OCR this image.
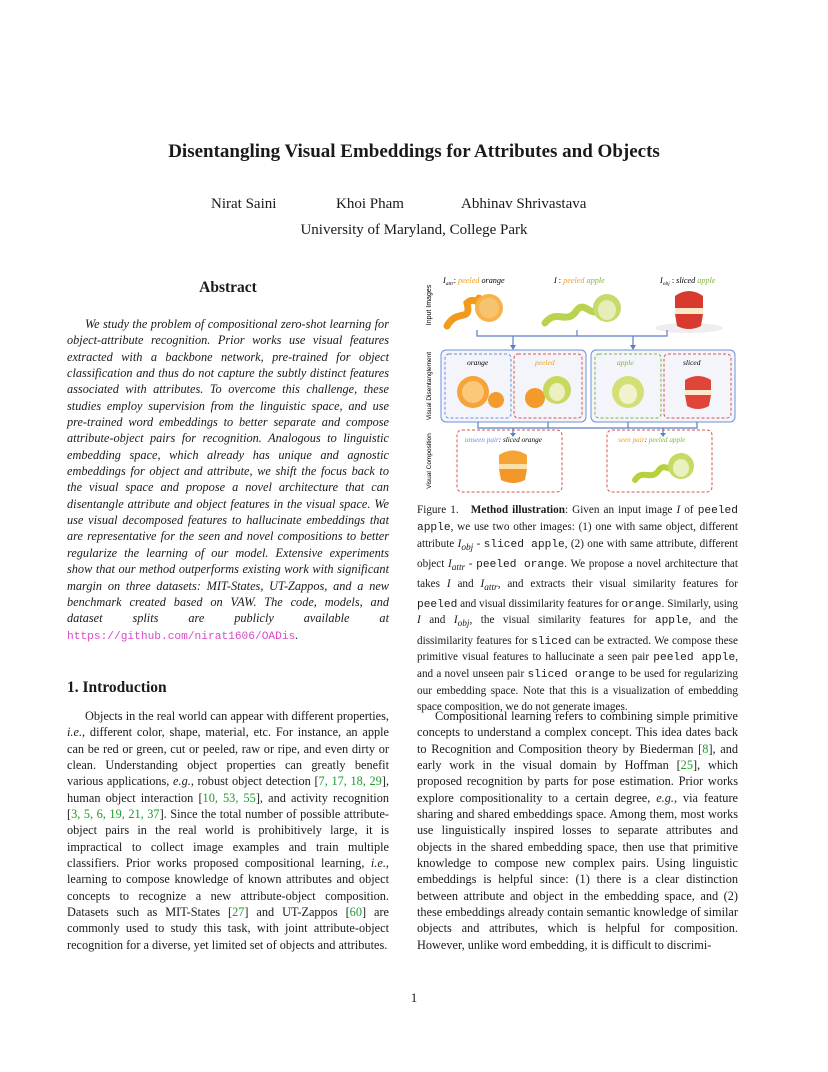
Disentangling Visual Embeddings for Attributes and Objects
Nirat Saini	Khoi Pham	Abhinav Shrivastava
University of Maryland, College Park
Abstract

We study the problem of compositional zero-shot learning for object-attribute recognition. Prior works use visual features extracted with a backbone network, pre-trained for object classification and thus do not capture the subtly distinct features associated with attributes. To overcome this challenge, these studies employ supervision from the linguistic space, and use pre-trained word embeddings to better separate and compose attribute-object pairs for recognition. Analogous to linguistic embedding space, which already has unique and agnostic embeddings for object and attribute, we shift the focus back to the visual space and propose a novel architecture that can disentangle attribute and object features in the visual space. We use visual decomposed features to hallucinate embeddings that are representative for the seen and novel compositions to better regularize the learning of our model. Extensive experiments show that our method outperforms existing work with significant margin on three datasets: MIT-States, UT-Zappos, and a new benchmark created based on VAW. The code, models, and dataset splits are publicly available at https://github.com/nirat1606/OADis.

1. Introduction

Objects in the real world can appear with different properties, i.e., different color, shape, material, etc. For instance, an apple can be red or green, cut or peeled, raw or ripe, and even dirty or clean. Understanding object properties can greatly benefit various applications, e.g., robust object detection [7, 17, 18, 29], human object interaction [10, 53, 55], and activity recognition [3, 5, 6, 19, 21, 37]. Since the total number of possible attribute-object pairs in the real world is prohibitively large, it is impractical to collect image examples and train multiple classifiers. Prior works proposed compositional learning, i.e., learning to compose knowledge of known attributes and object concepts to recognize a new attribute-object composition. Datasets such as MIT-States [27] and UT-Zappos [60] are commonly used to study this task, with joint attribute-object recognition for a diverse, yet limited set of objects and attributes.

Compositional learning refers to combining simple primitive concepts to understand a complex concept. This idea dates back to Recognition and Composition theory by Biederman [8], and early work in the visual domain by Hoffman [25], which proposed recognition by parts for pose estimation. Prior works explore compositionality to a certain degree, e.g., via feature sharing and shared embeddings space. Among them, most works use linguistically inspired losses to separate attributes and objects in the shared embedding space, then use that primitive knowledge to compose new complex pairs. Using linguistic embeddings is helpful since: (1) there is a clear distinction between attribute and object in the embedding space, and (2) these embeddings already contain semantic knowledge of similar objects and attributes, which is helpful for composition. However, unlike word embedding, it is difficult to discrimi-

Input Images
Visual Disentanglement
Visual Composition
$I_{attr}$: peeled orange	I : peeled apple	$I_{obj}$ : sliced apple
orange	peeled	apple	sliced
unseen pair: sliced orange	seen pair: peeled apple

Figure 1. Method illustration: Given an input image I of peeled apple, we use two other images: (1) one with same object, different attribute $I_{obj}$ - sliced apple, (2) one with same attribute, different object $I_{attr}$ - peeled orange. We propose a novel architecture that takes I and $I_{attr}$, and extracts their visual similarity features for peeled and visual dissimilarity features for orange. Similarly, using I and $I_{obj}$, the visual similarity features for apple, and the dissimilarity features for sliced can be extracted. We compose these primitive visual features to hallucinate a seen pair peeled apple, and a novel unseen pair sliced orange to be used for regularizing our embedding space. Note that this is a visualization of embedding space composition, we do not generate images.

1
